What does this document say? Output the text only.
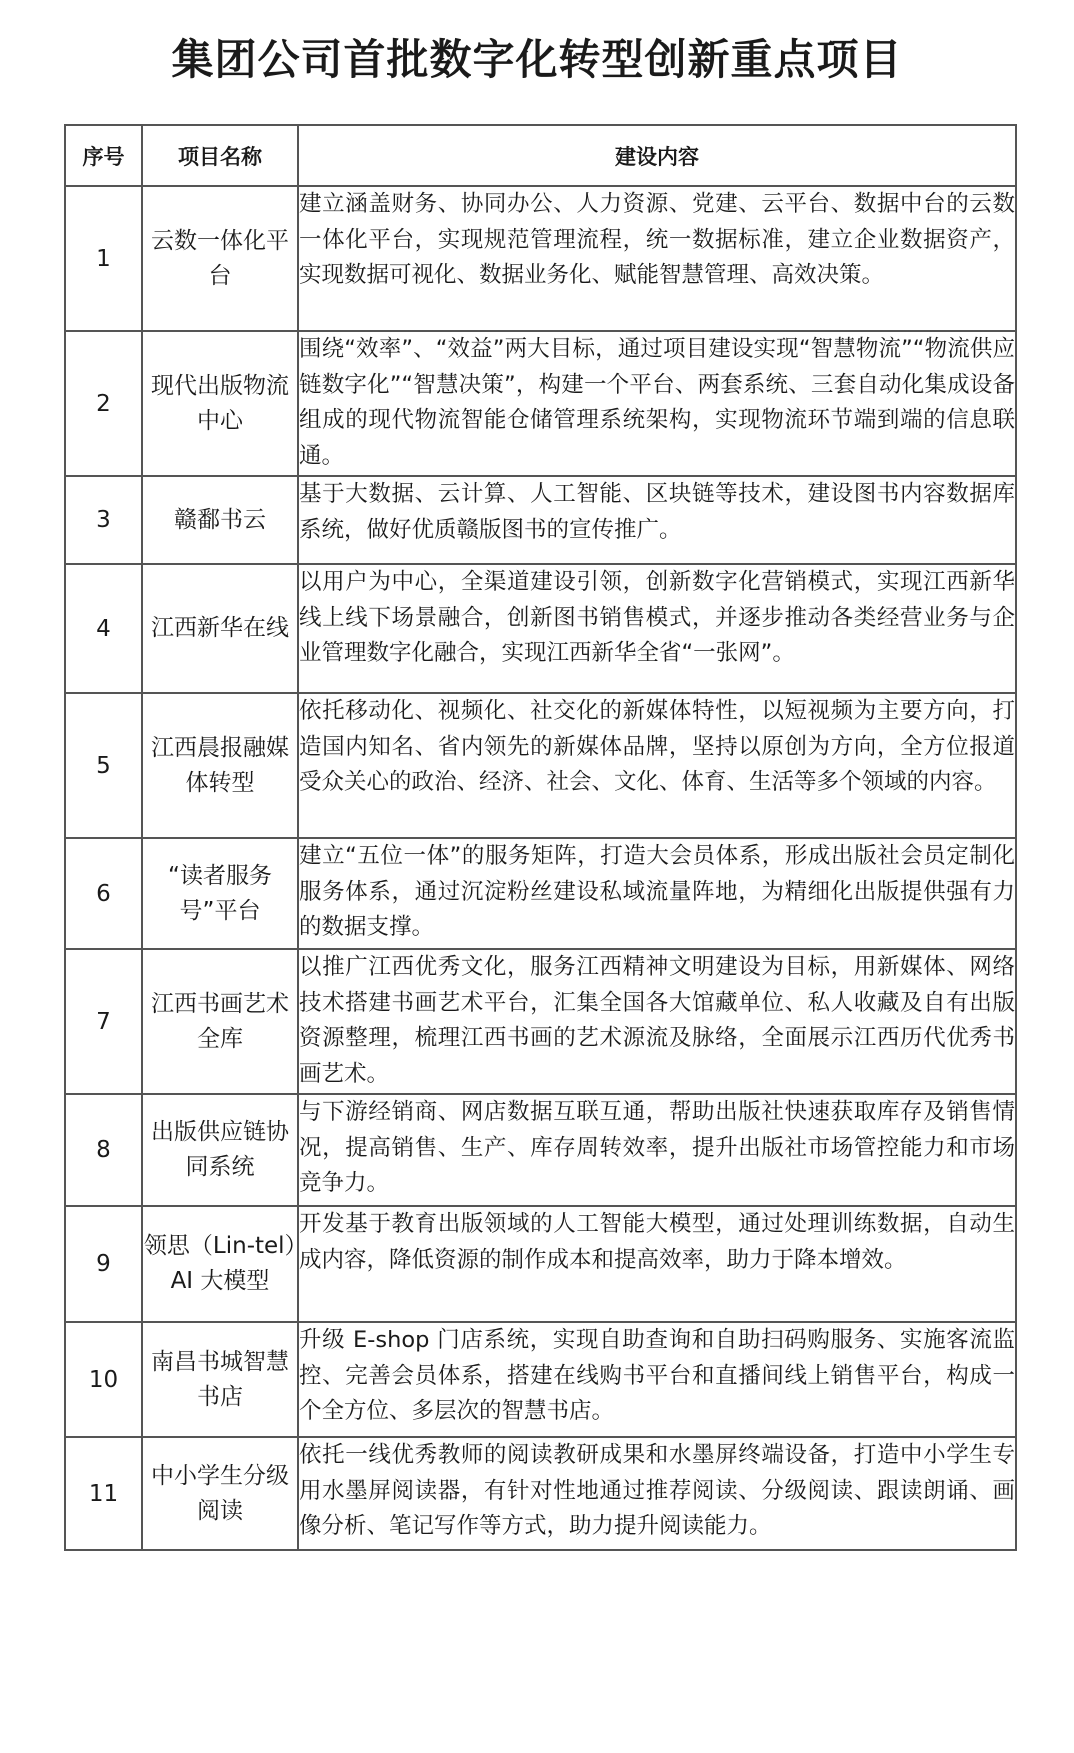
集团公司首批数字化转型创新重点项目
序号	项目名称	建设内容
1	云数一体化平台	建立涵盖财务、协同办公、人力资源、党建、云平台、数据中台的云数一体化平台，实现规范管理流程，统一数据标准，建立企业数据资产，实现数据可视化、数据业务化、赋能智慧管理、高效决策。
2	现代出版物流中心	围绕“效率”、“效益”两大目标，通过项目建设实现“智慧物流”“物流供应链数字化”“智慧决策”，构建一个平台、两套系统、三套自动化集成设备组成的现代物流智能仓储管理系统架构，实现物流环节端到端的信息联通。
3	赣鄱书云	基于大数据、云计算、人工智能、区块链等技术，建设图书内容数据库系统，做好优质赣版图书的宣传推广。
4	江西新华在线	以用户为中心，全渠道建设引领，创新数字化营销模式，实现江西新华线上线下场景融合，创新图书销售模式，并逐步推动各类经营业务与企业管理数字化融合，实现江西新华全省“一张网”。
5	江西晨报融媒体转型	依托移动化、视频化、社交化的新媒体特性，以短视频为主要方向，打造国内知名、省内领先的新媒体品牌，坚持以原创为方向，全方位报道受众关心的政治、经济、社会、文化、体育、生活等多个领域的内容。
6	“读者服务号”平台	建立“五位一体”的服务矩阵，打造大会员体系，形成出版社会员定制化服务体系，通过沉淀粉丝建设私域流量阵地，为精细化出版提供强有力的数据支撑。
7	江西书画艺术全库	以推广江西优秀文化，服务江西精神文明建设为目标，用新媒体、网络技术搭建书画艺术平台，汇集全国各大馆藏单位、私人收藏及自有出版资源整理，梳理江西书画的艺术源流及脉络，全面展示江西历代优秀书画艺术。
8	出版供应链协同系统	与下游经销商、网店数据互联互通，帮助出版社快速获取库存及销售情况，提高销售、生产、库存周转效率，提升出版社市场管控能力和市场竞争力。
9	领思（Lin-tel）AI 大模型	开发基于教育出版领域的人工智能大模型，通过处理训练数据，自动生成内容，降低资源的制作成本和提高效率，助力于降本增效。
10	南昌书城智慧书店	升级 E-shop 门店系统，实现自助查询和自助扫码购服务、实施客流监控、完善会员体系，搭建在线购书平台和直播间线上销售平台，构成一个全方位、多层次的智慧书店。
11	中小学生分级阅读	依托一线优秀教师的阅读教研成果和水墨屏终端设备，打造中小学生专用水墨屏阅读器，有针对性地通过推荐阅读、分级阅读、跟读朗诵、画像分析、笔记写作等方式，助力提升阅读能力。
